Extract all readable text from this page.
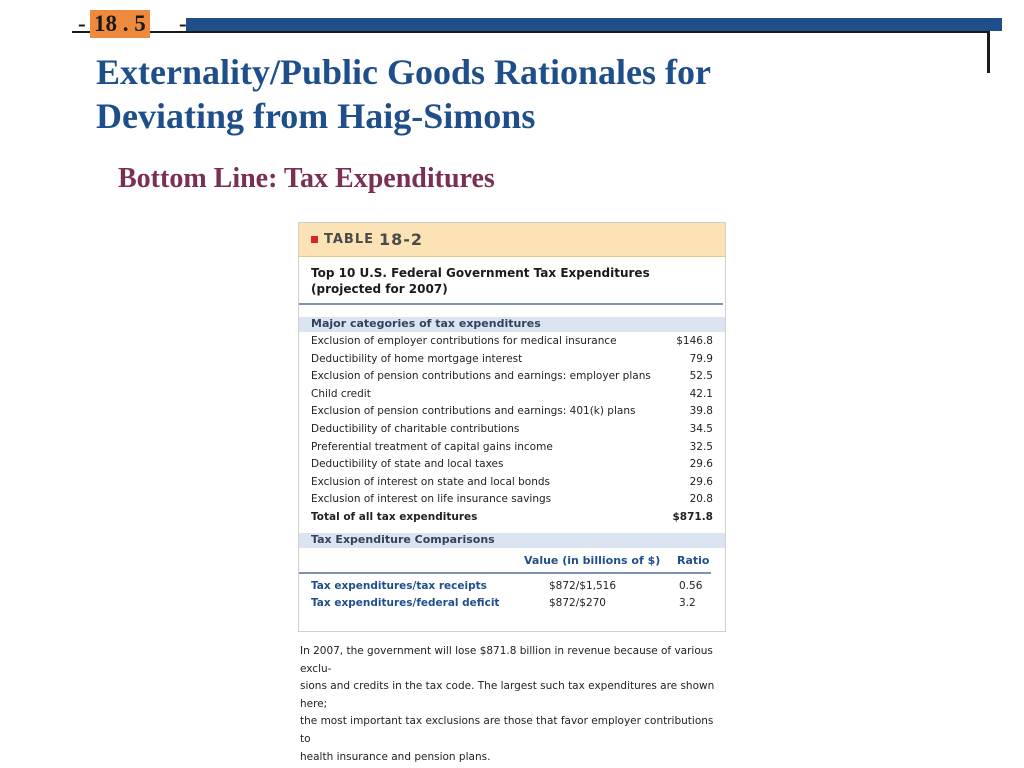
- 18 . 5 -
Externality/Public Goods Rationales for
Deviating from Haig-Simons
Bottom Line: Tax Expenditures
TABLE 18-2
Top 10 U.S. Federal Government Tax Expenditures
(projected for 2007)
Major categories of tax expenditures
Exclusion of employer contributions for medical insurance	$146.8
Deductibility of home mortgage interest	79.9
Exclusion of pension contributions and earnings: employer plans	52.5
Child credit	42.1
Exclusion of pension contributions and earnings: 401(k) plans	39.8
Deductibility of charitable contributions	34.5
Preferential treatment of capital gains income	32.5
Deductibility of state and local taxes	29.6
Exclusion of interest on state and local bonds	29.6
Exclusion of interest on life insurance savings	20.8
Total of all tax expenditures	$871.8
Tax Expenditure Comparisons
Value (in billions of $) Ratio
Tax expenditures/tax receipts	$872/$1,516	0.56
Tax expenditures/federal deficit	$872/$270	3.2
In 2007, the government will lose $871.8 billion in revenue because of various exclu-
sions and credits in the tax code. The largest such tax expenditures are shown here;
the most important tax exclusions are those that favor employer contributions to
health insurance and pension plans.
